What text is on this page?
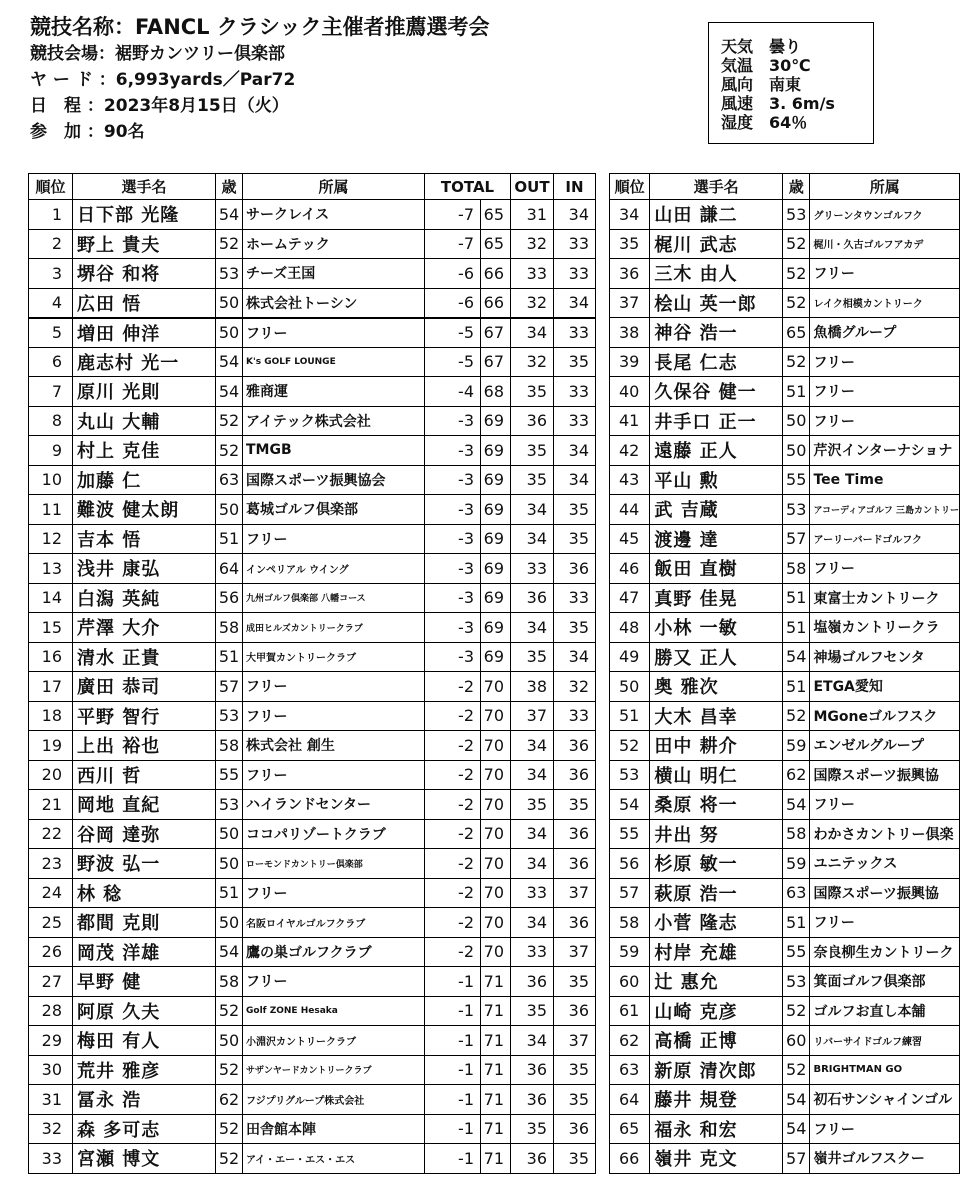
競技名称：FANCL クラシック主催者推薦選考会
競技会場：裾野カンツリー倶楽部
ヤ ー ド ：6,993yards／Par72
日　程 ：2023年8月15日（火）
参　加 ：90名
天気　曇り
気温　30℃
風向　南東
風速　3. 6m/s
湿度　64％
順位	選手名	歳	所属	TOTAL		OUT	IN
1	日下部 光隆	54	サークレイス	-7	65	31	34
2	野上 貴夫	52	ホームテック	-7	65	32	33
3	堺谷 和将	53	チーズ王国	-6	66	33	33
4	広田 悟	50	株式会社トーシン	-6	66	32	34
5	増田 伸洋	50	フリー	-5	67	34	33
6	鹿志村 光一	54	K's GOLF LOUNGE	-5	67	32	35
7	原川 光則	54	雅商運	-4	68	35	33
8	丸山 大輔	52	アイテック株式会社	-3	69	36	33
9	村上 克佳	52	TMGB	-3	69	35	34
10	加藤 仁	63	国際スポーツ振興協会	-3	69	35	34
11	難波 健太朗	50	葛城ゴルフ倶楽部	-3	69	34	35
12	吉本 悟	51	フリー	-3	69	34	35
13	浅井 康弘	64	インペリアル ウイング	-3	69	33	36
14	白潟 英純	56	九州ゴルフ倶楽部 八幡コース	-3	69	36	33
15	芹澤 大介	58	成田ヒルズカントリークラブ	-3	69	34	35
16	清水 正貴	51	大甲賀カントリークラブ	-3	69	35	34
17	廣田 恭司	57	フリー	-2	70	38	32
18	平野 智行	53	フリー	-2	70	37	33
19	上出 裕也	58	株式会社 創生	-2	70	34	36
20	西川 哲	55	フリー	-2	70	34	36
21	岡地 直紀	53	ハイランドセンター	-2	70	35	35
22	谷岡 達弥	50	ココパリゾートクラブ	-2	70	34	36
23	野波 弘一	50	ローモンドカントリー倶楽部	-2	70	34	36
24	林 稔	51	フリー	-2	70	33	37
25	都間 克則	50	名阪ロイヤルゴルフクラブ	-2	70	34	36
26	岡茂 洋雄	54	鷹の巣ゴルフクラブ	-2	70	33	37
27	早野 健	58	フリー	-1	71	36	35
28	阿原 久夫	52	Golf ZONE Hesaka	-1	71	35	36
29	梅田 有人	50	小淵沢カントリークラブ	-1	71	34	37
30	荒井 雅彦	52	サザンヤードカントリークラブ	-1	71	36	35
31	冨永 浩	62	フジプリグループ株式会社	-1	71	36	35
32	森 多可志	52	田舎館本陣	-1	71	35	36
33	宮瀬 博文	52	アイ・エー・エス・エス	-1	71	36	35
順位	選手名	歳	所属
34	山田 謙二	53	グリーンタウンゴルフク
35	梶川 武志	52	梶川・久古ゴルフアカデ
36	三木 由人	52	フリー
37	桧山 英一郎	52	レイク相模カントリーク
38	神谷 浩一	65	魚橋グループ
39	長尾 仁志	52	フリー
40	久保谷 健一	51	フリー
41	井手口 正一	50	フリー
42	遠藤 正人	50	芹沢インターナショナ
43	平山 勲	55	Tee Time
44	武 吉蔵	53	アコーディアゴルフ 三島カントリー
45	渡邊 達	57	アーリーバードゴルフク
46	飯田 直樹	58	フリー
47	真野 佳晃	51	東富士カントリーク
48	小林 一敏	51	塩嶺カントリークラ
49	勝又 正人	54	神場ゴルフセンタ
50	奥 雅次	51	ETGA愛知
51	大木 昌幸	52	MGoneゴルフスク
52	田中 耕介	59	エンゼルグループ
53	横山 明仁	62	国際スポーツ振興協
54	桑原 将一	54	フリー
55	井出 努	58	わかさカントリー倶楽
56	杉原 敏一	59	ユニテックス
57	萩原 浩一	63	国際スポーツ振興協
58	小菅 隆志	51	フリー
59	村岸 充雄	55	奈良柳生カントリーク
60	辻 惠允	53	箕面ゴルフ倶楽部
61	山崎 克彦	52	ゴルフお直し本舗
62	高橋 正博	60	リバーサイドゴルフ練習
63	新原 清次郎	52	BRIGHTMAN GO
64	藤井 規登	54	初石サンシャインゴル
65	福永 和宏	54	フリー
66	嶺井 克文	57	嶺井ゴルフスクー
